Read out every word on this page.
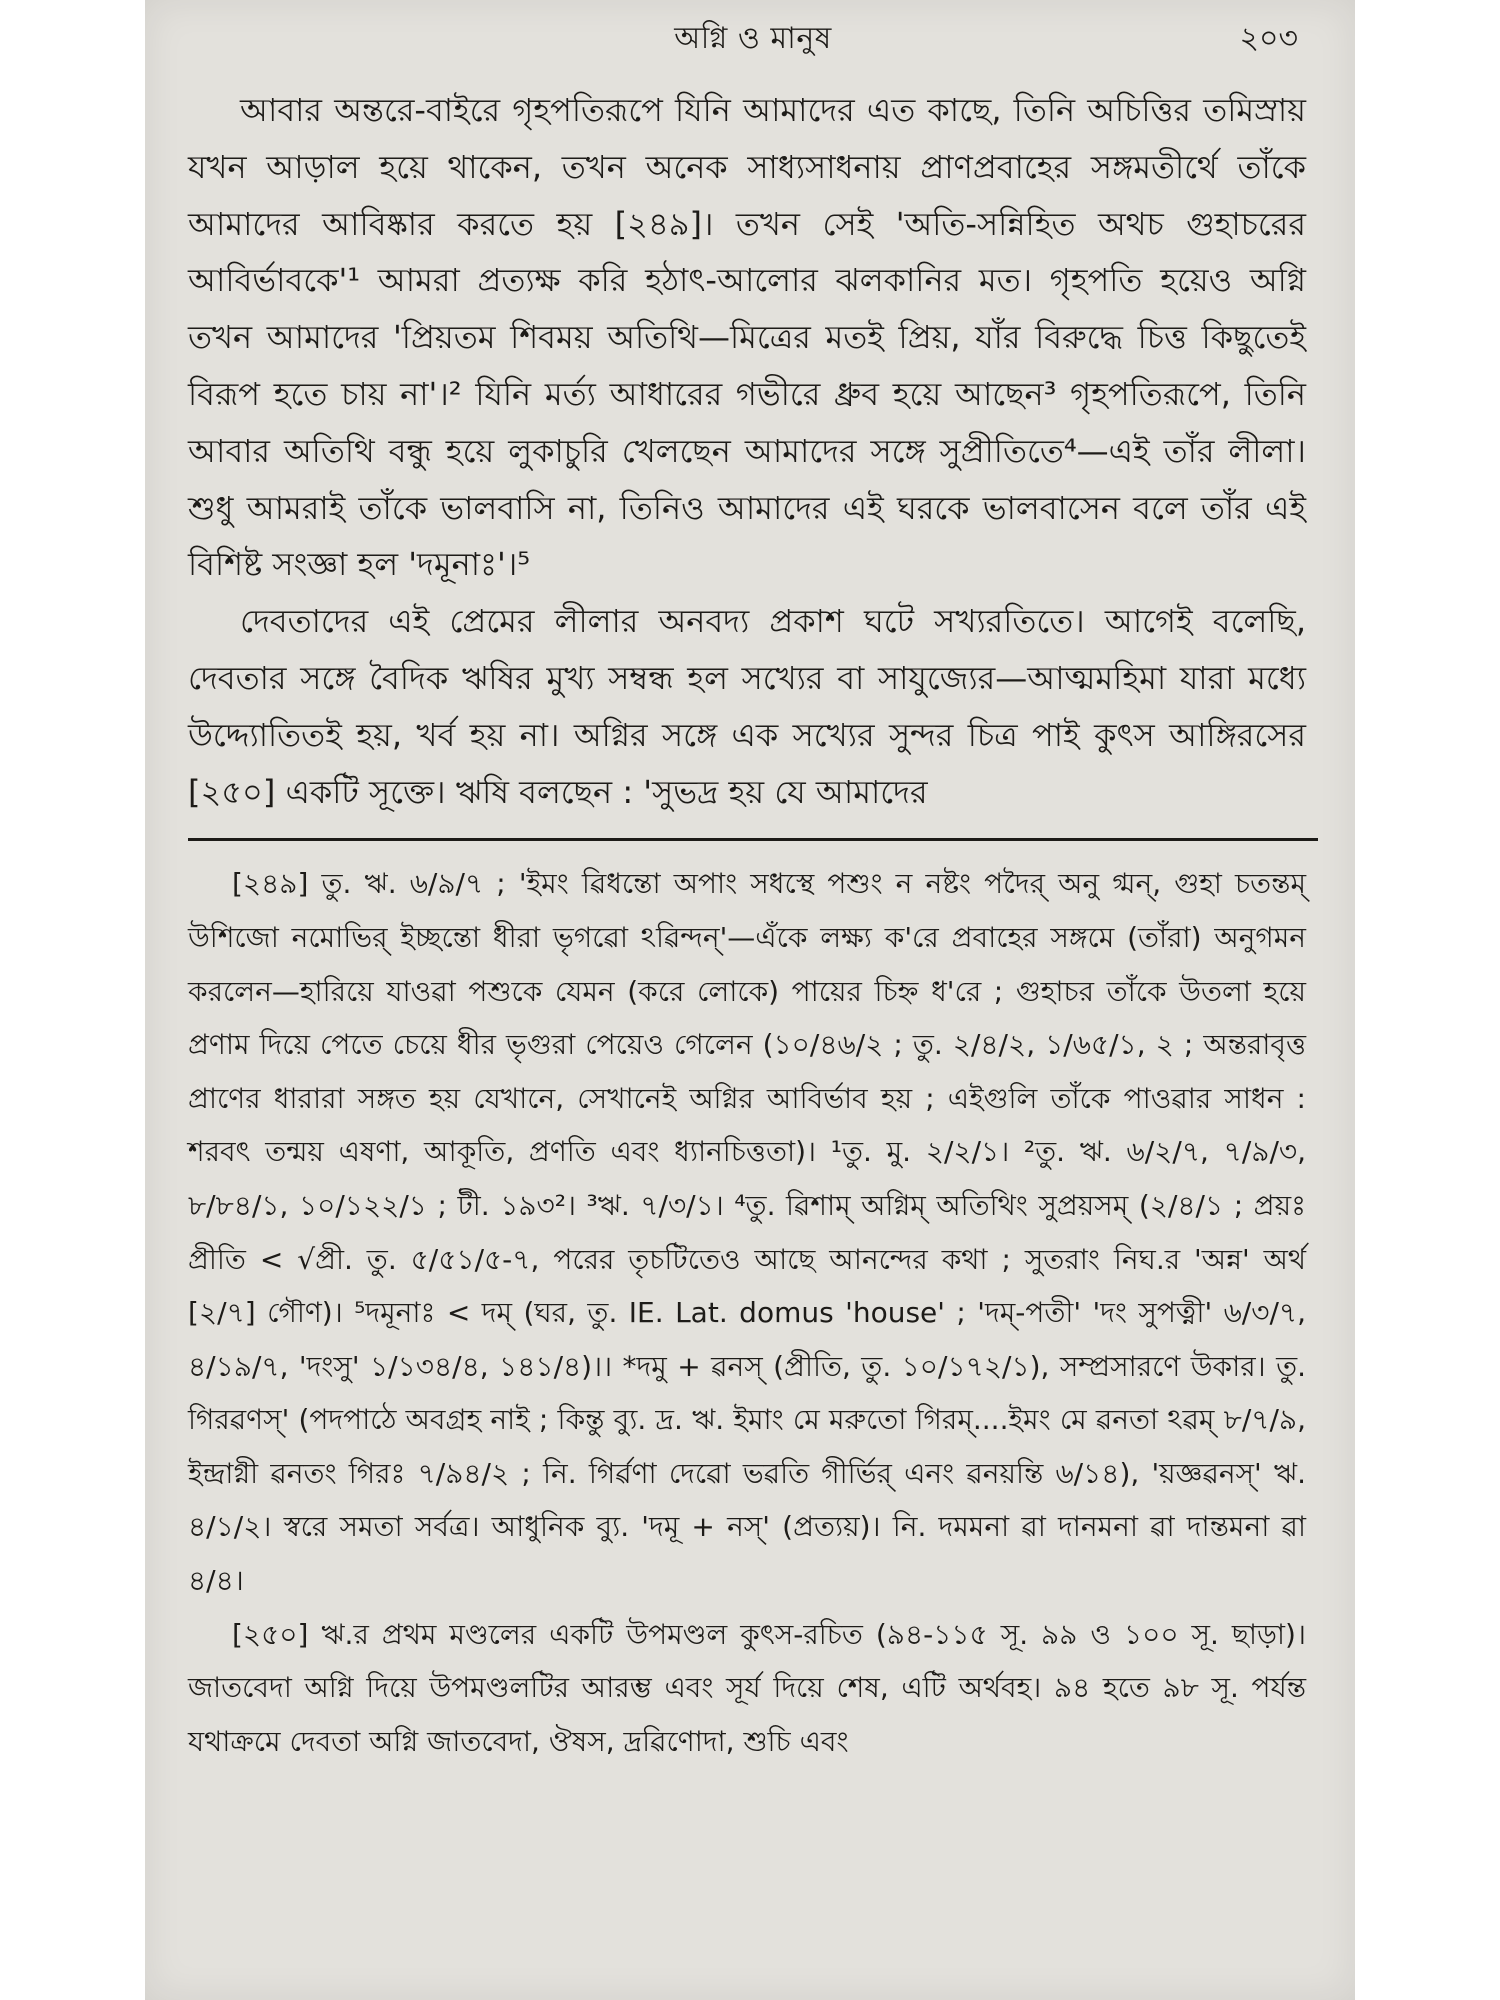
অগ্নি ও মানুষ	২০৩

আবার অন্তরে-বাইরে গৃহপতিরূপে যিনি আমাদের এত কাছে, তিনি অচিত্তির তমিস্রায় যখন আড়াল হয়ে থাকেন, তখন অনেক সাধ্যসাধনায় প্রাণপ্রবাহের সঙ্গমতীর্থে তাঁকে আমাদের আবিষ্কার করতে হয় [২৪৯]। তখন সেই 'অতি-সন্নিহিত অথচ গুহাচরের আবির্ভাবকে'¹ আমরা প্রত্যক্ষ করি হঠাৎ-আলোর ঝলকানির মত। গৃহপতি হয়েও অগ্নি তখন আমাদের 'প্রিয়তম শিবময় অতিথি—মিত্রের মতই প্রিয়, যাঁর বিরুদ্ধে চিত্ত কিছুতেই বিরূপ হতে চায় না'।² যিনি মর্ত্য আধারের গভীরে ধ্রুব হয়ে আছেন³ গৃহপতিরূপে, তিনি আবার অতিথি বন্ধু হয়ে লুকাচুরি খেলছেন আমাদের সঙ্গে সুপ্রীতিতে⁴—এই তাঁর লীলা। শুধু আমরাই তাঁকে ভালবাসি না, তিনিও আমাদের এই ঘরকে ভালবাসেন বলে তাঁর এই বিশিষ্ট সংজ্ঞা হল 'দমূনাঃ'।⁵

দেবতাদের এই প্রেমের লীলার অনবদ্য প্রকাশ ঘটে সখ্যরতিতে। আগেই বলেছি, দেবতার সঙ্গে বৈদিক ঋষির মুখ্য সম্বন্ধ হল সখ্যের বা সাযুজ্যের—আত্মমহিমা যারা মধ্যে উদ্দ্যোতিতই হয়, খর্ব হয় না। অগ্নির সঙ্গে এক সখ্যের সুন্দর চিত্র পাই কুৎস আঙ্গিরসের [২৫০] একটি সূক্তে। ঋষি বলছেন : 'সুভদ্র হয় যে আমাদের

[২৪৯] তু. ঋ. ৬/৯/৭ ; 'ইমং ৱিধন্তো অপাং সধস্থে পশুং ন নষ্টং পদৈর্ অনু গ্মন্, গুহা চতন্তম্ উশিজো নমোভির্ ইচ্ছন্তো ধীরা ভৃগৱো ঽৱিন্দন্'—এঁকে লক্ষ্য ক'রে প্রবাহের সঙ্গমে (তাঁরা) অনুগমন করলেন—হারিয়ে যাওৱা পশুকে যেমন (করে লোকে) পায়ের চিহ্ন ধ'রে ; গুহাচর তাঁকে উতলা হয়ে প্রণাম দিয়ে পেতে চেয়ে ধীর ভৃগুরা পেয়েও গেলেন (১০/৪৬/২ ; তু. ২/৪/২, ১/৬৫/১, ২ ; অন্তরাবৃত্ত প্রাণের ধারারা সঙ্গত হয় যেখানে, সেখানেই অগ্নির আবির্ভাব হয় ; এইগুলি তাঁকে পাওৱার সাধন : শরবৎ তন্ময় এষণা, আকূতি, প্রণতি এবং ধ্যানচিত্ততা)। ¹তু. মু. ২/২/১। ²তু. ঋ. ৬/২/৭, ৭/৯/৩, ৮/৮৪/১, ১০/১২২/১ ; টী. ১৯৩²। ³ঋ. ৭/৩/১। ⁴তু. ৱিশাম্ অগ্নিম্ অতিথিং সুপ্রয়সম্ (২/৪/১ ; প্রয়ঃ প্রীতি < √প্রী. তু. ৫/৫১/৫-৭, পরের তৃচটিতেও আছে আনন্দের কথা ; সুতরাং নিঘ.র 'অন্ন' অর্থ [২/৭] গৌণ)। ⁵দমূনাঃ < দম্ (ঘর, তু. IE. Lat. domus 'house' ; 'দম্-পতী' 'দং সুপত্নী' ৬/৩/৭, ৪/১৯/৭, 'দংসু' ১/১৩৪/৪, ১৪১/৪)।। *দমু + ৱনস্ (প্রীতি, তু. ১০/১৭২/১), সম্প্রসারণে উকার। তু. গিরৱণস্' (পদপাঠে অবগ্রহ নাই ; কিন্তু ব্যু. দ্র. ঋ. ইমাং মে মরুতো গিরম্....ইমং মে ৱনতা ঽৱম্ ৮/৭/৯, ইন্দ্রাগ্নী ৱনতং গিরঃ ৭/৯৪/২ ; নি. গির্ৱণা দেৱো ভৱতি গীর্ভির্ এনং ৱনয়ন্তি ৬/১৪), 'য়জ্ঞৱনস্' ঋ. ৪/১/২। স্বরে সমতা সর্বত্র। আধুনিক ব্যু. 'দমূ + নস্' (প্রত্যয়)। নি. দমমনা ৱা দানমনা ৱা দান্তমনা ৱা ৪/৪।

[২৫০] ঋ.র প্রথম মণ্ডলের একটি উপমণ্ডল কুৎস-রচিত (৯৪-১১৫ সূ. ৯৯ ও ১০০ সূ. ছাড়া)। জাতবেদা অগ্নি দিয়ে উপমণ্ডলটির আরম্ভ এবং সূর্য দিয়ে শেষ, এটি অর্থবহ। ৯৪ হতে ৯৮ সূ. পর্যন্ত যথাক্রমে দেবতা অগ্নি জাতবেদা, ঔষস, দ্রৱিণোদা, শুচি এবং
